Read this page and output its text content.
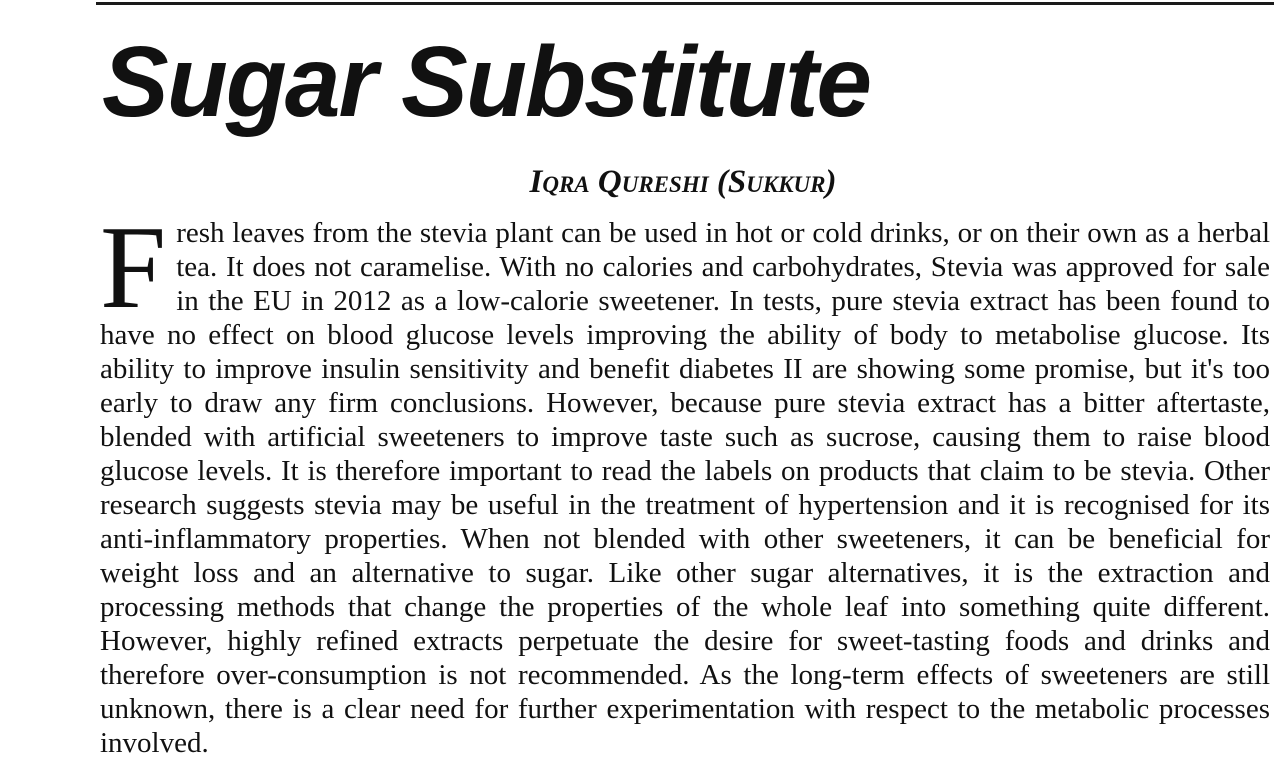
Sugar Substitute
Iqra Qureshi (Sukkur)

Fresh leaves from the stevia plant can be used in hot or cold drinks, or on their own as a herbal tea. It does not caramelise. With no calories and carbohydrates, Stevia was approved for sale in the EU in 2012 as a low-calorie sweetener. In tests, pure stevia extract has been found to have no effect on blood glucose levels improving the ability of body to metabolise glucose. Its ability to improve insulin sensitivity and benefit diabetes II are showing some promise, but it's too early to draw any firm conclusions. However, because pure stevia extract has a bitter aftertaste, blended with artificial sweeteners to improve taste such as sucrose, causing them to raise blood glucose levels. It is therefore important to read the labels on products that claim to be stevia. Other research suggests stevia may be useful in the treatment of hypertension and it is recognised for its anti-inflammatory properties. When not blended with other sweeteners, it can be beneficial for weight loss and an alternative to sugar. Like other sugar alternatives, it is the extraction and processing methods that change the properties of the whole leaf into something quite different. However, highly refined extracts perpetuate the desire for sweet-tasting foods and drinks and therefore over-consumption is not recommended. As the long-term effects of sweeteners are still unknown, there is a clear need for further experimentation with respect to the metabolic processes involved.
